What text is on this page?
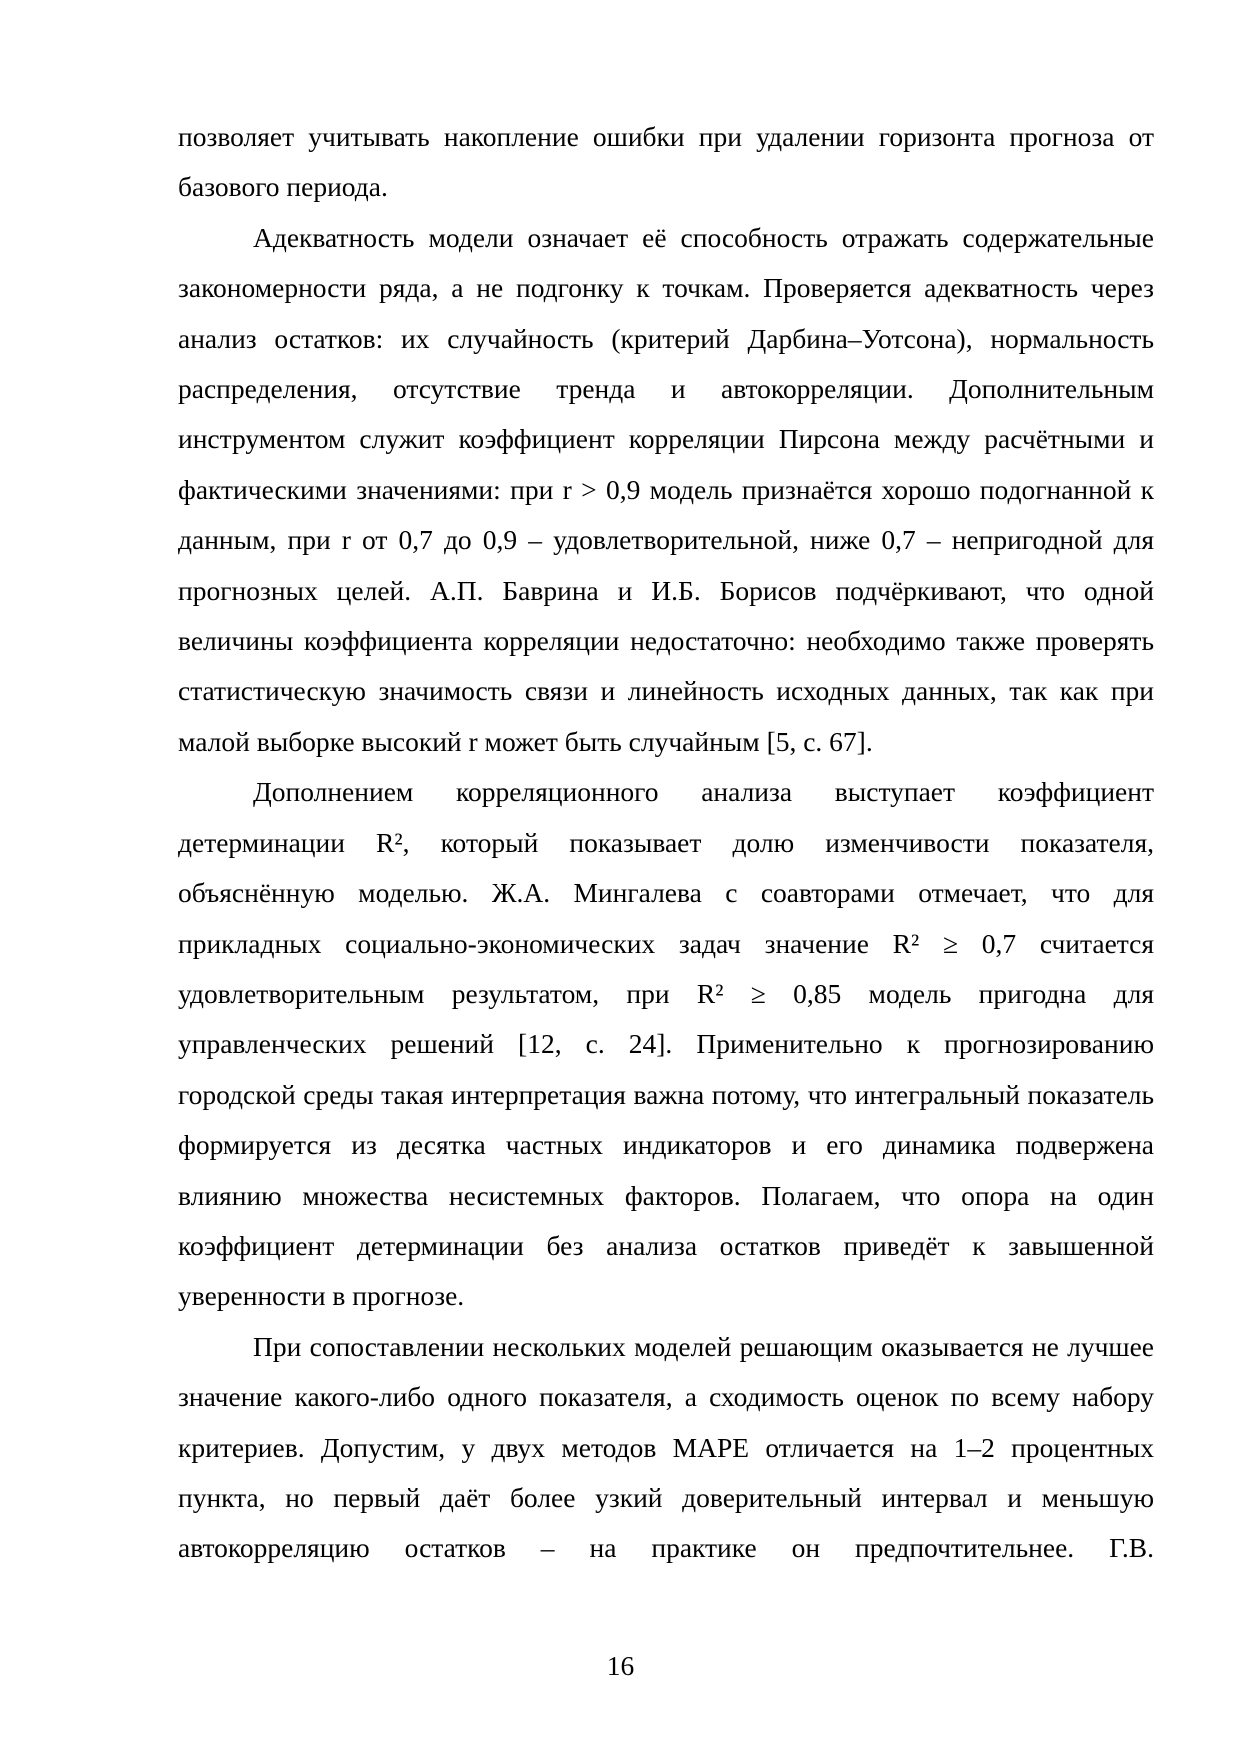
позволяет учитывать накопление ошибки при удалении горизонта прогноза от базового периода.

Адекватность модели означает её способность отражать содержательные закономерности ряда, а не подгонку к точкам. Проверяется адекватность через анализ остатков: их случайность (критерий Дарбина–Уотсона), нормальность распределения, отсутствие тренда и автокорреляции. Дополнительным инструментом служит коэффициент корреляции Пирсона между расчётными и фактическими значениями: при r > 0,9 модель признаётся хорошо подогнанной к данным, при r от 0,7 до 0,9 – удовлетворительной, ниже 0,7 – непригодной для прогнозных целей. А.П. Баврина и И.Б. Борисов подчёркивают, что одной величины коэффициента корреляции недостаточно: необходимо также проверять статистическую значимость связи и линейность исходных данных, так как при малой выборке высокий r может быть случайным [5, с. 67].

Дополнением корреляционного анализа выступает коэффициент детерминации R², который показывает долю изменчивости показателя, объяснённую моделью. Ж.А. Мингалева с соавторами отмечает, что для прикладных социально-экономических задач значение R² ≥ 0,7 считается удовлетворительным результатом, при R² ≥ 0,85 модель пригодна для управленческих решений [12, с. 24]. Применительно к прогнозированию городской среды такая интерпретация важна потому, что интегральный показатель формируется из десятка частных индикаторов и его динамика подвержена влиянию множества несистемных факторов. Полагаем, что опора на один коэффициент детерминации без анализа остатков приведёт к завышенной уверенности в прогнозе.

При сопоставлении нескольких моделей решающим оказывается не лучшее значение какого-либо одного показателя, а сходимость оценок по всему набору критериев. Допустим, у двух методов MAPE отличается на 1–2 процентных пункта, но первый даёт более узкий доверительный интервал и меньшую автокорреляцию остатков – на практике он предпочтительнее. Г.В.

16
